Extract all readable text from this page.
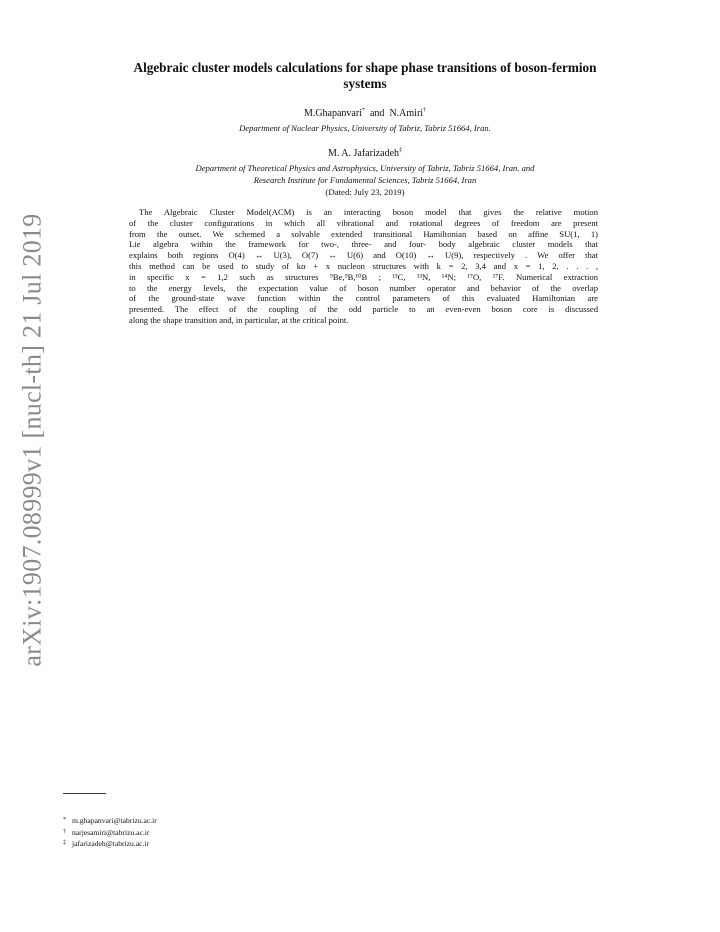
arXiv:1907.08999v1 [nucl-th] 21 Jul 2019
Algebraic cluster models calculations for shape phase transitions of boson-fermion
systems
M.Ghapanvari* and N.Amiri†
Department of Nuclear Physics, University of Tabriz, Tabriz 51664, Iran.
M. A. Jafarizadeh‡
Department of Theoretical Physics and Astrophysics, University of Tabriz, Tabriz 51664, Iran. and
Research Institute for Fundamental Sciences, Tabriz 51664, Iran
(Dated: July 23, 2019)
The Algebraic Cluster Model(ACM) is an interacting boson model that gives the relative motion
of the cluster configurations in which all vibrational and rotational degrees of freedom are present
from the outset. We schemed a solvable extended transitional Hamiltonian based on affine SU(1, 1)
Lie algebra within the framework for two-, three- and four- body algebraic cluster models that
explains both regions O(4) ↔ U(3), O(7) ↔ U(6) and O(10) ↔ U(9), respectively . We offer that
this method can be used to study of kα + x nucleon structures with k = 2, 3,4 and x = 1, 2, . . . ,
in specific x = 1,2 such as structures ⁹Be,⁹B,¹⁰B ; ¹³C, ¹³N, ¹⁴N; ¹⁷O, ¹⁷F. Numerical extraction
to the energy levels, the expectation value of boson number operator and behavior of the overlap
of the ground-state wave function within the control parameters of this evaluated Hamiltonian are
presented. The effect of the coupling of the odd particle to an even-even boson core is discussed
along the shape transition and, in particular, at the critical point.
* m.ghapanvari@tabrizu.ac.ir
† narjesamiri@tabrizu.ac.ir
‡ jafarizadeh@tabrizu.ac.ir
